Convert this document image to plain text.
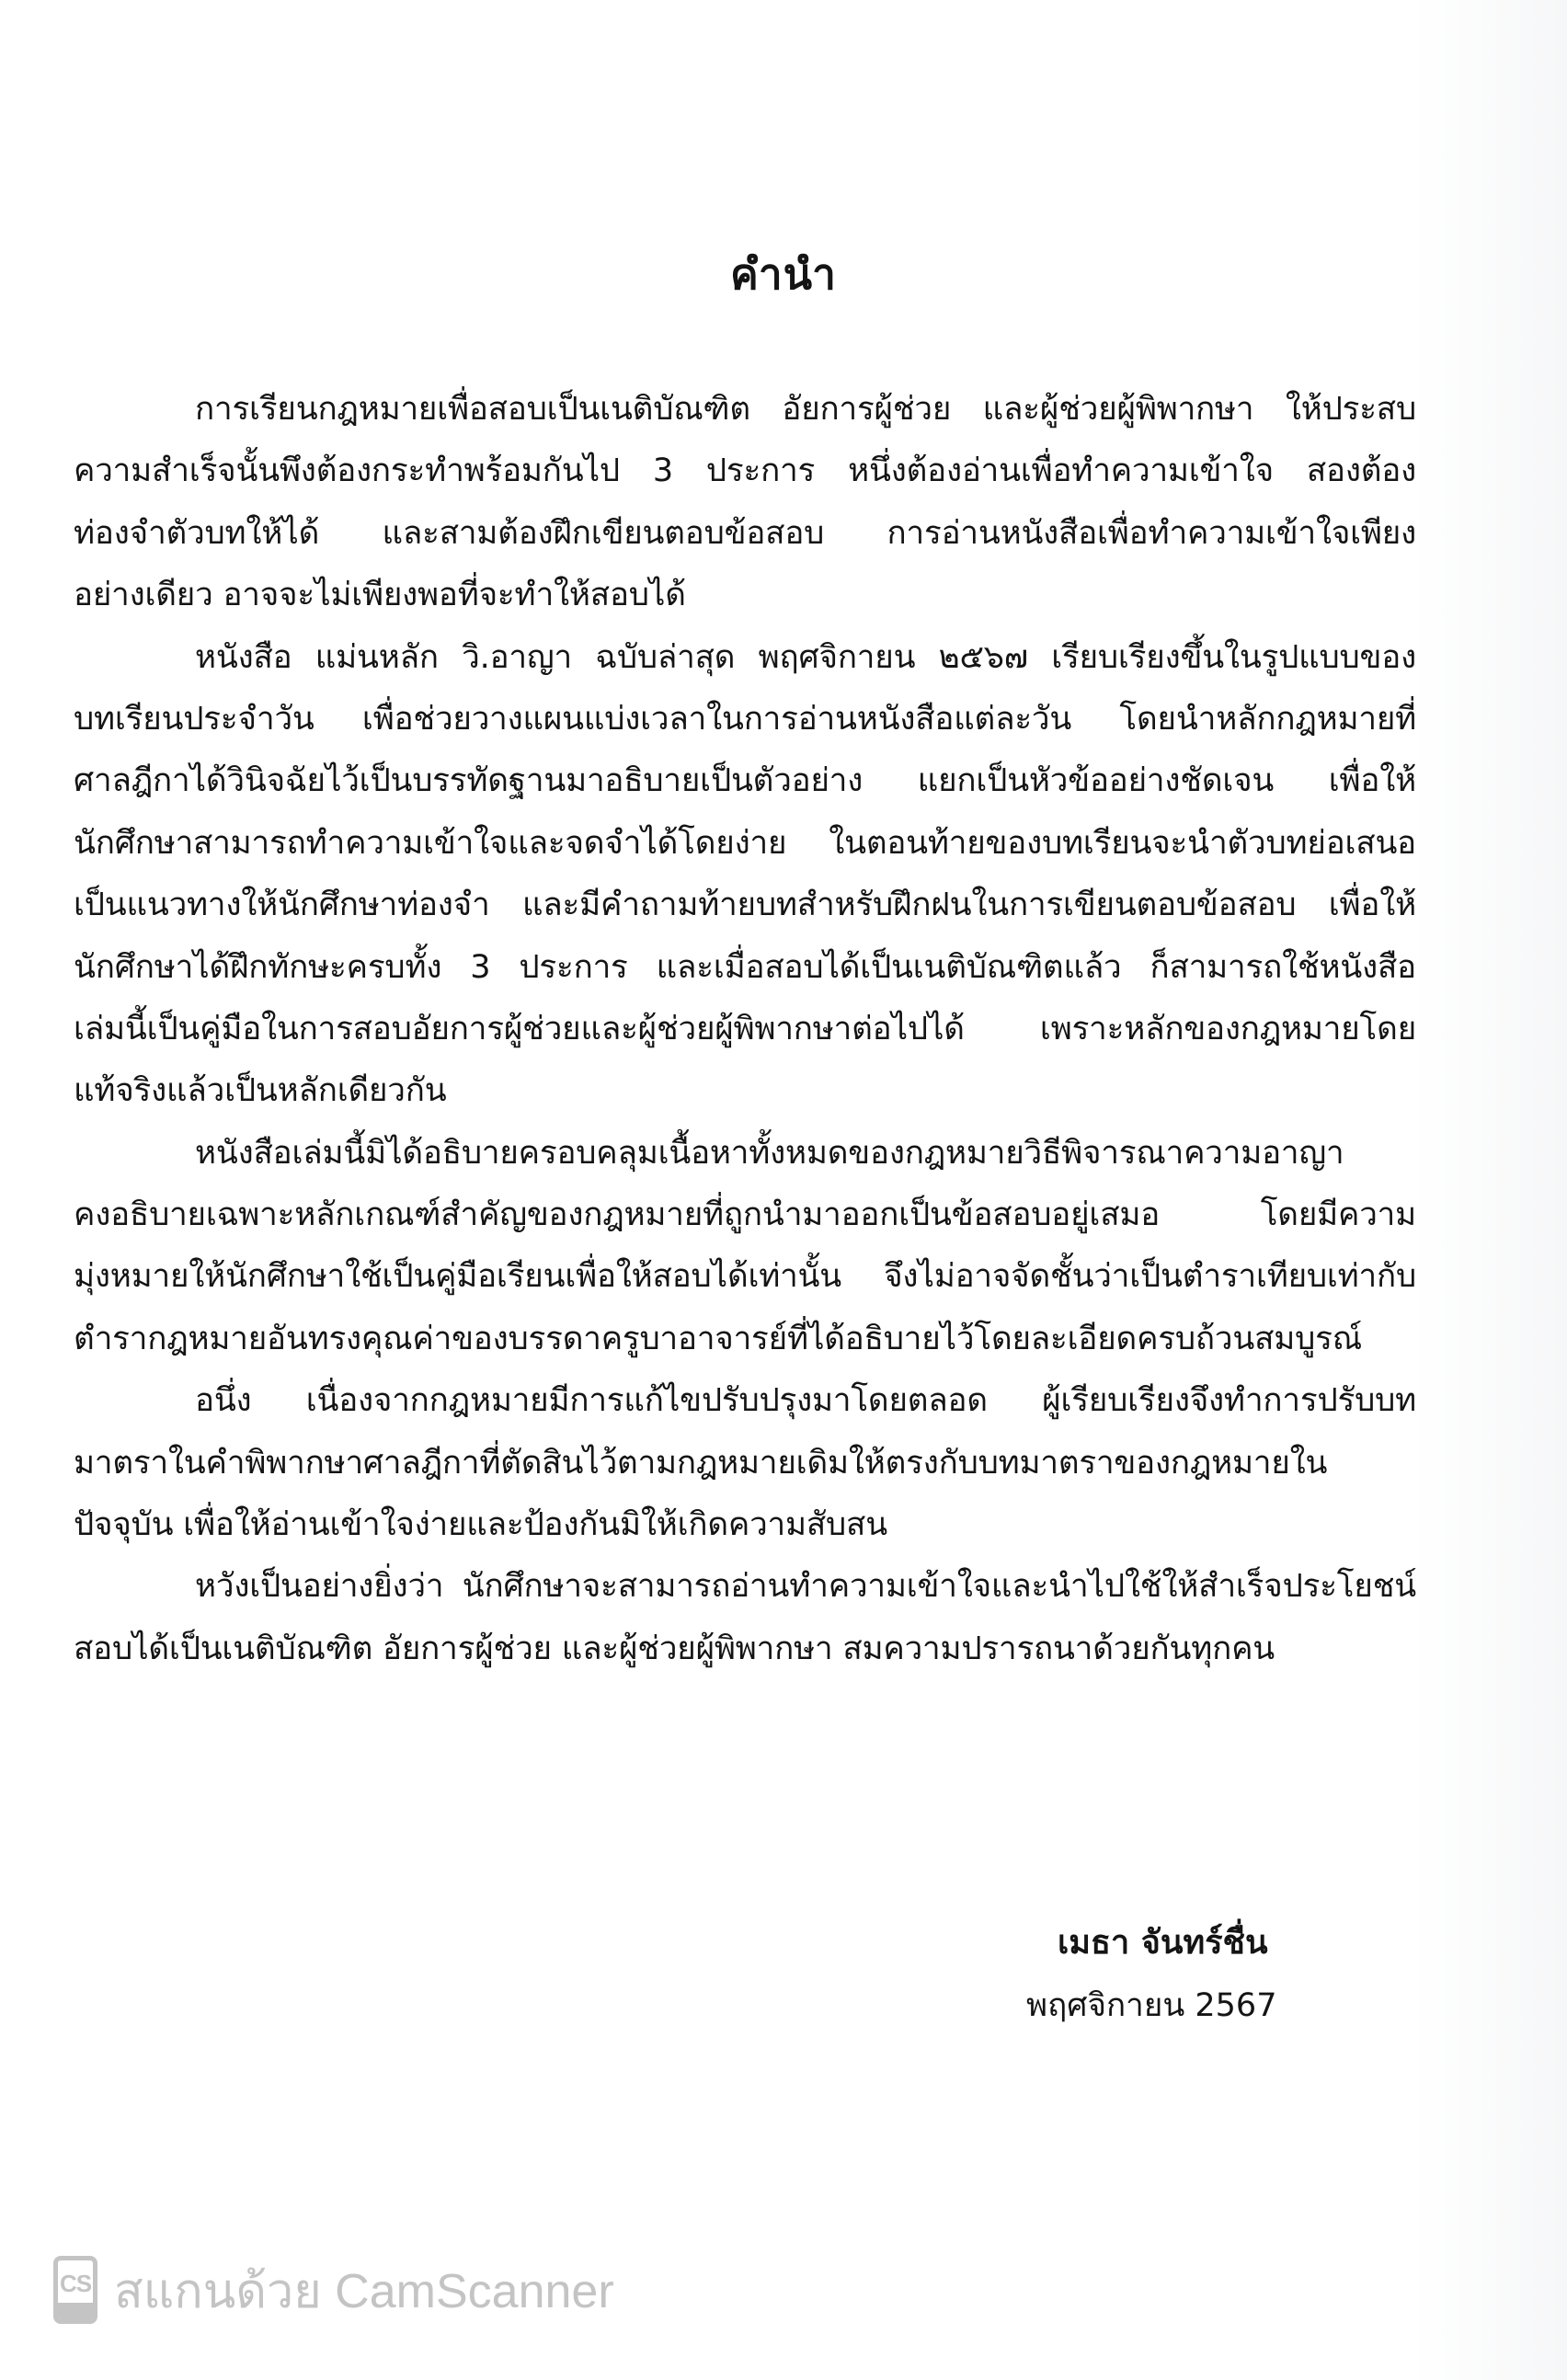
คำนำ
การเรียนกฎหมายเพื่อสอบเป็นเนติบัณฑิต อัยการผู้ช่วย และผู้ช่วยผู้พิพากษา ให้ประสบ
ความสำเร็จนั้นพึงต้องกระทำพร้อมกันไป 3 ประการ หนึ่งต้องอ่านเพื่อทำความเข้าใจ สองต้อง
ท่องจำตัวบทให้ได้ และสามต้องฝึกเขียนตอบข้อสอบ การอ่านหนังสือเพื่อทำความเข้าใจเพียง
อย่างเดียว อาจจะไม่เพียงพอที่จะทำให้สอบได้
หนังสือ แม่นหลัก วิ.อาญา ฉบับล่าสุด พฤศจิกายน ๒๕๖๗ เรียบเรียงขึ้นในรูปแบบของ
บทเรียนประจำวัน เพื่อช่วยวางแผนแบ่งเวลาในการอ่านหนังสือแต่ละวัน โดยนำหลักกฎหมายที่
ศาลฎีกาได้วินิจฉัยไว้เป็นบรรทัดฐานมาอธิบายเป็นตัวอย่าง แยกเป็นหัวข้ออย่างชัดเจน เพื่อให้
นักศึกษาสามารถทำความเข้าใจและจดจำได้โดยง่าย ในตอนท้ายของบทเรียนจะนำตัวบทย่อเสนอ
เป็นแนวทางให้นักศึกษาท่องจำ และมีคำถามท้ายบทสำหรับฝึกฝนในการเขียนตอบข้อสอบ เพื่อให้
นักศึกษาได้ฝึกทักษะครบทั้ง 3 ประการ และเมื่อสอบได้เป็นเนติบัณฑิตแล้ว ก็สามารถใช้หนังสือ
เล่มนี้เป็นคู่มือในการสอบอัยการผู้ช่วยและผู้ช่วยผู้พิพากษาต่อไปได้ เพราะหลักของกฎหมายโดย
แท้จริงแล้วเป็นหลักเดียวกัน
หนังสือเล่มนี้มิได้อธิบายครอบคลุมเนื้อหาทั้งหมดของกฎหมายวิธีพิจารณาความอาญา
คงอธิบายเฉพาะหลักเกณฑ์สำคัญของกฎหมายที่ถูกนำมาออกเป็นข้อสอบอยู่เสมอ โดยมีความ
มุ่งหมายให้นักศึกษาใช้เป็นคู่มือเรียนเพื่อให้สอบได้เท่านั้น จึงไม่อาจจัดชั้นว่าเป็นตำราเทียบเท่ากับ
ตำรากฎหมายอันทรงคุณค่าของบรรดาครูบาอาจารย์ที่ได้อธิบายไว้โดยละเอียดครบถ้วนสมบูรณ์
อนึ่ง เนื่องจากกฎหมายมีการแก้ไขปรับปรุงมาโดยตลอด ผู้เรียบเรียงจึงทำการปรับบท
มาตราในคำพิพากษาศาลฎีกาที่ตัดสินไว้ตามกฎหมายเดิมให้ตรงกับบทมาตราของกฎหมายใน
ปัจจุบัน เพื่อให้อ่านเข้าใจง่ายและป้องกันมิให้เกิดความสับสน
หวังเป็นอย่างยิ่งว่า นักศึกษาจะสามารถอ่านทำความเข้าใจและนำไปใช้ให้สำเร็จประโยชน์
สอบได้เป็นเนติบัณฑิต อัยการผู้ช่วย และผู้ช่วยผู้พิพากษา สมความปรารถนาด้วยกันทุกคน
เมธา จันทร์ชื่น
พฤศจิกายน 2567
CS สแกนด้วย CamScanner
